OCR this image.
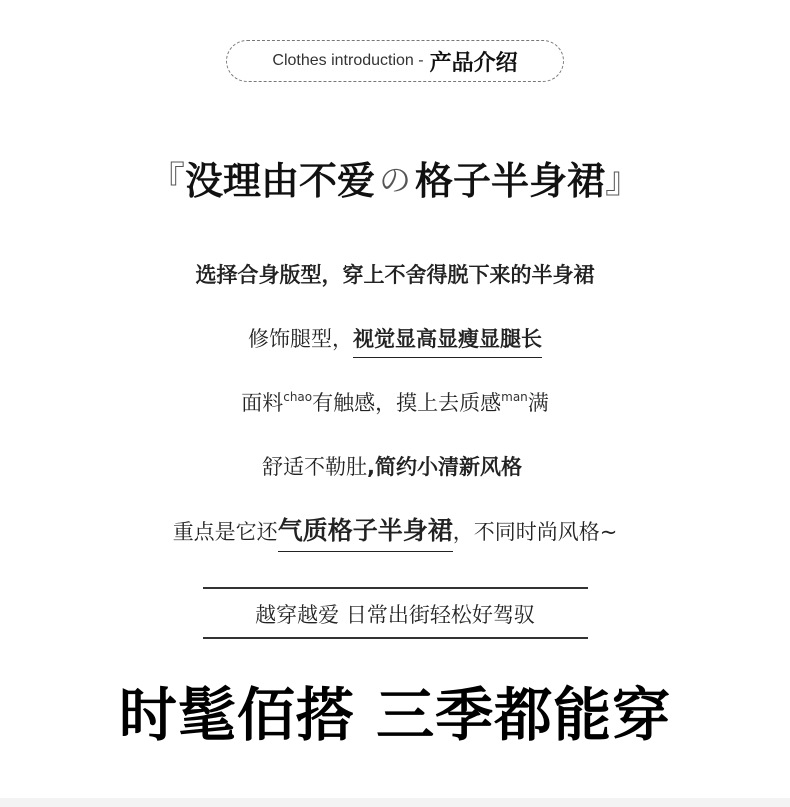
Clothes introduction - 产品介绍
『没理由不爱 の 格子半身裙』
选择合身版型，穿上不舍得脱下来的半身裙
修饰腿型，视觉显高显瘦显腿长
面料$^{chao}$有触感，摸上去质感$^{man}$满
舒适不勒肚,简约小清新风格
重点是它还气质格子半身裙，不同时尚风格~
越穿越爱 日常出街轻松好驾驭
时髦佰搭 三季都能穿
